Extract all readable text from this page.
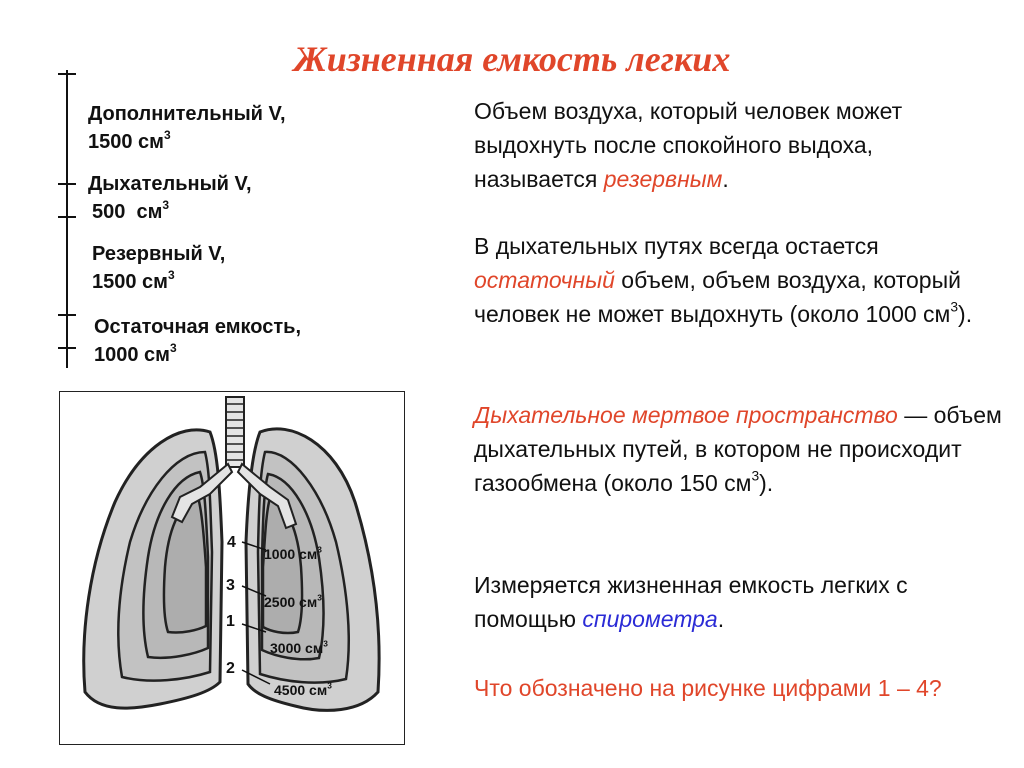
Жизненная емкость легких
Дополнительный V,
1500 $см^3$
Дыхательный V,
500  $см^3$
Резервный V,
1500 $см^3$
Остаточная емкость,
1000 $см^3$

Объем воздуха, который человек может выдохнуть после спокойного выдоха, называется резервным.

В дыхательных путях всегда остается остаточный объем, объем воздуха, который человек не может выдохнуть (около 1000 $см^3$).

Дыхательное мертвое пространство — объем дыхательных путей, в котором не происходит газообмена (около 150 $см^3$).

Измеряется жизненная емкость легких с помощью спирометра.

Что обозначено на рисунке цифрами 1 – 4?

4
1000 $см^3$
3
2500 $см^3$
1
3000 $см^3$
2
4500 $см^3$
